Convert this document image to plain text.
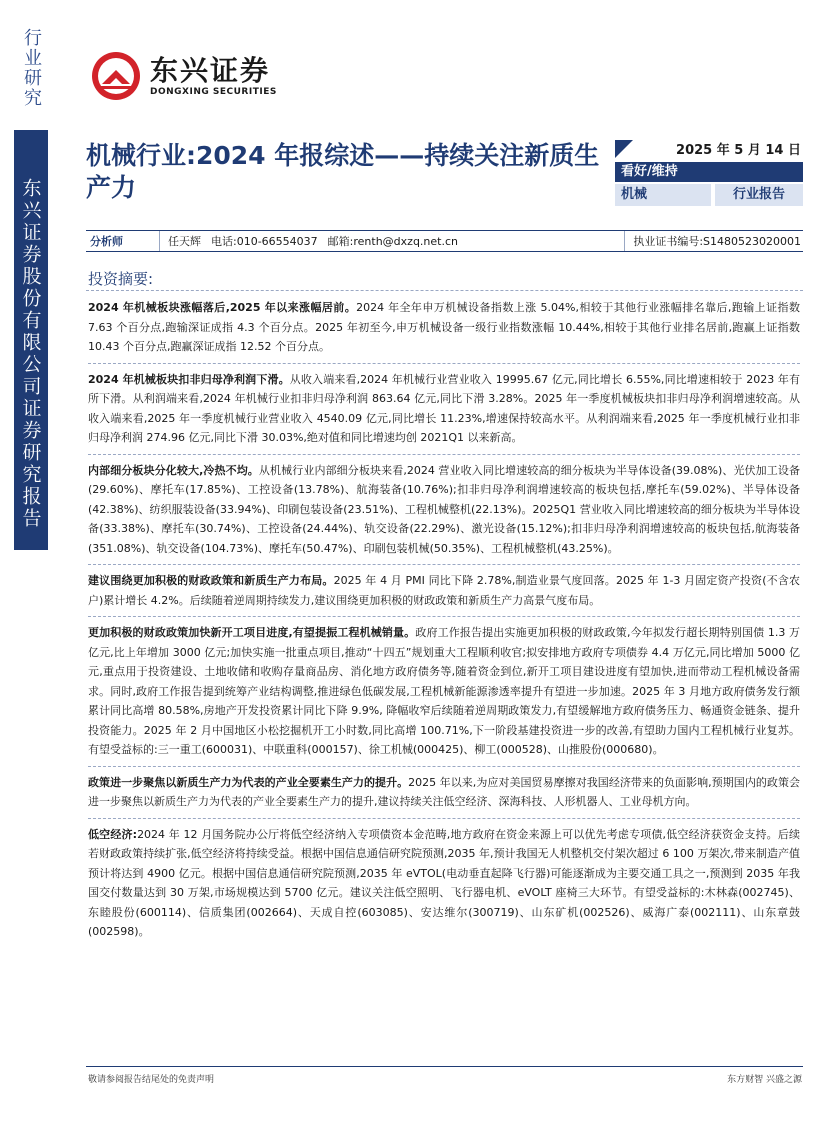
行业研究
东兴证券股份有限公司证券研究报告
东兴证券
DONGXING SECURITIES
机械行业:2024 年报综述——持续关注新质生产力
2025 年 5 月 14 日
看好/维持
机械	行业报告
分析师	任天辉 电话:010-66554037 邮箱:renth@dxzq.net.cn	执业证书编号:S1480523020001
投资摘要:

2024 年机械板块涨幅落后,2025 年以来涨幅居前。2024 年全年申万机械设备指数上涨 5.04%,相较于其他行业涨幅排名靠后,跑输上证指数 7.63 个百分点,跑输深证成指 4.3 个百分点。2025 年初至今,申万机械设备一级行业指数涨幅 10.44%,相较于其他行业排名居前,跑赢上证指数 10.43 个百分点,跑赢深证成指 12.52 个百分点。

2024 年机械板块扣非归母净利润下滑。从收入端来看,2024 年机械行业营业收入 19995.67 亿元,同比增长 6.55%,同比增速相较于 2023 年有所下滑。从利润端来看,2024 年机械行业扣非归母净利润 863.64 亿元,同比下滑 3.28%。2025 年一季度机械板块扣非归母净利润增速较高。从收入端来看,2025 年一季度机械行业营业收入 4540.09 亿元,同比增长 11.23%,增速保持较高水平。从利润端来看,2025 年一季度机械行业扣非归母净利润 274.96 亿元,同比下滑 30.03%,绝对值和同比增速均创 2021Q1 以来新高。

内部细分板块分化较大,冷热不均。从机械行业内部细分板块来看,2024 营业收入同比增速较高的细分板块为半导体设备(39.08%)、光伏加工设备(29.60%)、摩托车(17.85%)、工控设备(13.78%)、航海装备(10.76%);扣非归母净利润增速较高的板块包括,摩托车(59.02%)、半导体设备(42.38%)、纺织服装设备(33.94%)、印刷包装设备(23.51%)、工程机械整机(22.13%)。2025Q1 营业收入同比增速较高的细分板块为半导体设备(33.38%)、摩托车(30.74%)、工控设备(24.44%)、轨交设备(22.29%)、激光设备(15.12%);扣非归母净利润增速较高的板块包括,航海装备(351.08%)、轨交设备(104.73%)、摩托车(50.47%)、印刷包装机械(50.35%)、工程机械整机(43.25%)。

建议围绕更加积极的财政政策和新质生产力布局。2025 年 4 月 PMI 同比下降 2.78%,制造业景气度回落。2025 年 1-3 月固定资产投资(不含农户)累计增长 4.2%。后续随着逆周期持续发力,建议围绕更加积极的财政政策和新质生产力高景气度布局。

更加积极的财政政策加快新开工项目进度,有望提振工程机械销量。政府工作报告提出实施更加积极的财政政策,今年拟发行超长期特别国债 1.3 万亿元,比上年增加 3000 亿元;加快实施一批重点项目,推动“十四五”规划重大工程顺利收官;拟安排地方政府专项债券 4.4 万亿元,同比增加 5000 亿元,重点用于投资建设、土地收储和收购存量商品房、消化地方政府债务等,随着资金到位,新开工项目建设进度有望加快,进而带动工程机械设备需求。同时,政府工作报告提到统筹产业结构调整,推进绿色低碳发展,工程机械新能源渗透率提升有望进一步加速。2025 年 3 月地方政府债务发行额累计同比高增 80.58%,房地产开发投资累计同比下降 9.9%, 降幅收窄后续随着逆周期政策发力,有望缓解地方政府债务压力、畅通资金链条、提升投资能力。2025 年 2 月中国地区小松挖掘机开工小时数,同比高增 100.71%,下一阶段基建投资进一步的改善,有望助力国内工程机械行业复苏。有望受益标的:三一重工(600031)、中联重科(000157)、徐工机械(000425)、柳工(000528)、山推股份(000680)。

政策进一步聚焦以新质生产力为代表的产业全要素生产力的提升。2025 年以来,为应对美国贸易摩擦对我国经济带来的负面影响,预期国内的政策会进一步聚焦以新质生产力为代表的产业全要素生产力的提升,建议持续关注低空经济、深海科技、人形机器人、工业母机方向。

低空经济:2024 年 12 月国务院办公厅将低空经济纳入专项债资本金范畴,地方政府在资金来源上可以优先考虑专项债,低空经济获资金支持。后续若财政政策持续扩张,低空经济将持续受益。根据中国信息通信研究院预测,2035 年,预计我国无人机整机交付架次超过 6 100 万架次,带来制造产值预计将达到 4900 亿元。根据中国信息通信研究院预测,2035 年 eVTOL(电动垂直起降飞行器)可能逐渐成为主要交通工具之一,预测到 2035 年我国交付数量达到 30 万架,市场规模达到 5700 亿元。建议关注低空照明、飞行器电机、eVOLT 座椅三大环节。有望受益标的:木林森(002745)、东睦股份(600114)、信质集团(002664)、天成自控(603085)、安达维尔(300719)、山东矿机(002526)、威海广泰(002111)、山东章鼓(002598)。

敬请参阅报告结尾处的免责声明	东方财智 兴盛之源
